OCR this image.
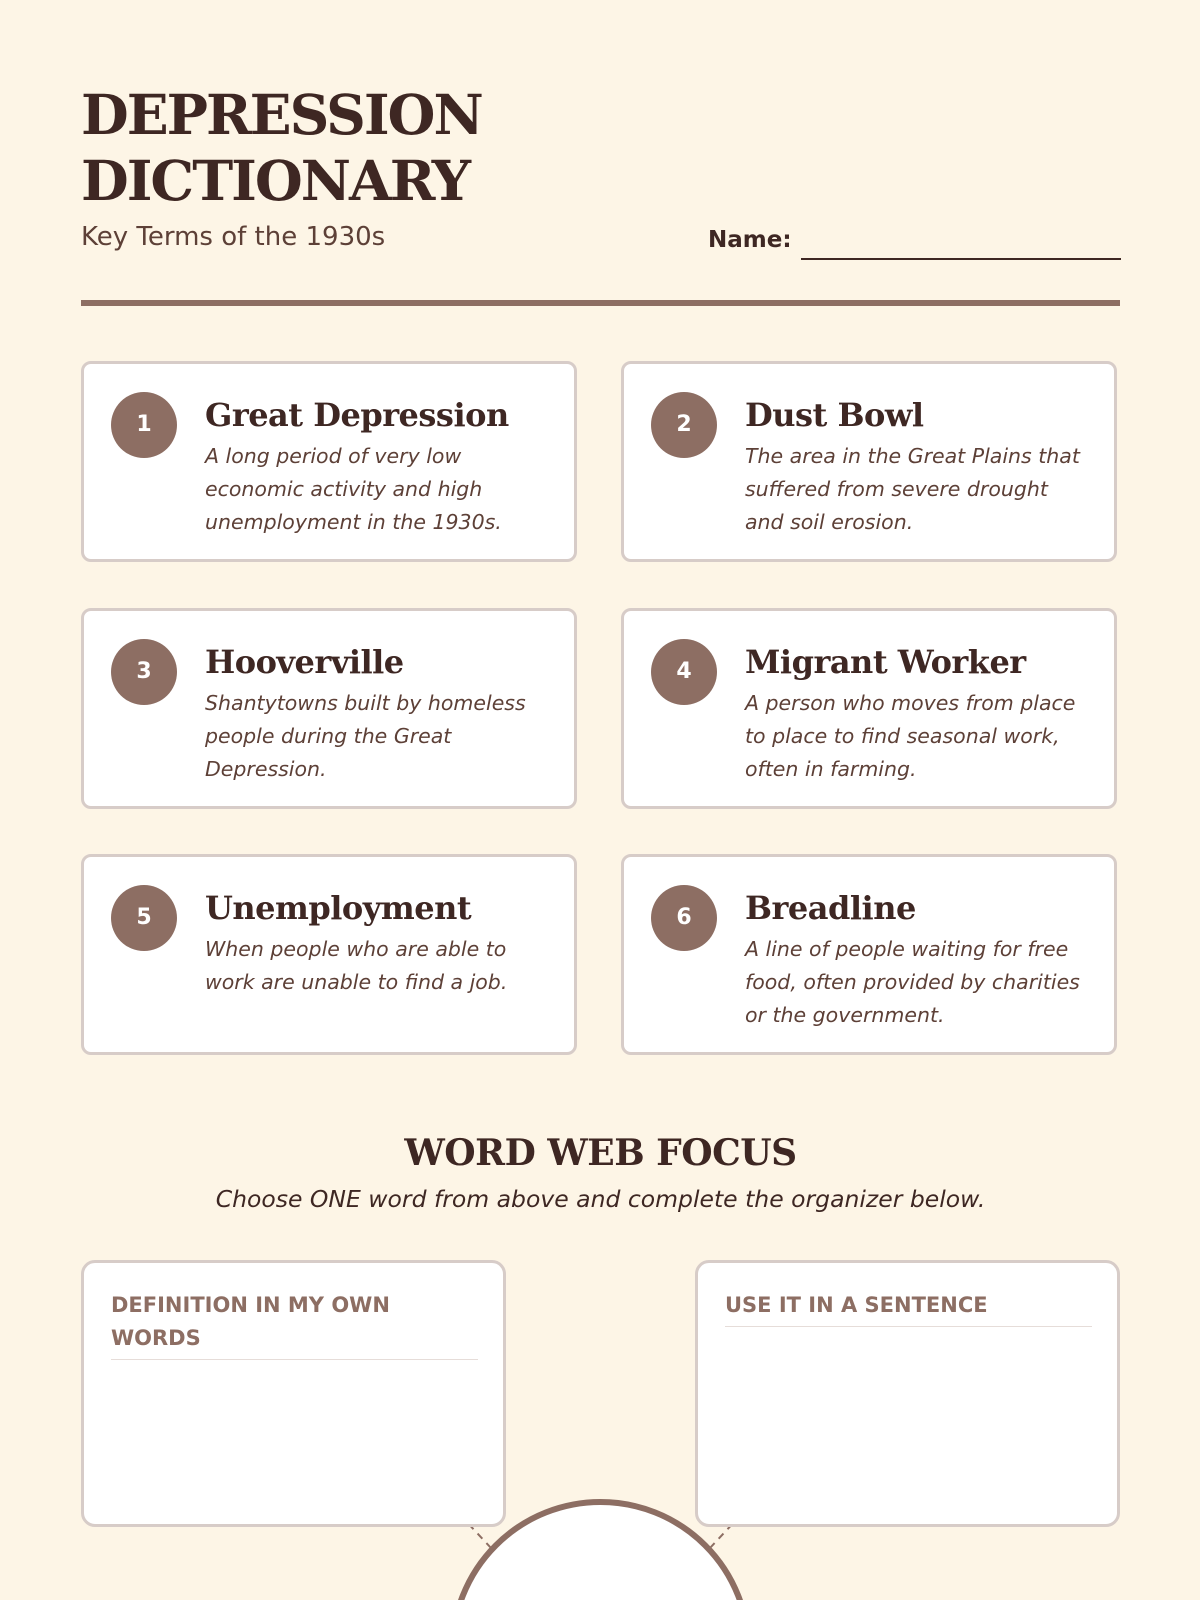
DEPRESSION
DICTIONARY
Key Terms of the 1930s	Name:
1	Great Depression
A long period of very low economic activity and high unemployment in the 1930s.
2	Dust Bowl
The area in the Great Plains that suffered from severe drought and soil erosion.
3	Hooverville
Shantytowns built by homeless people during the Great Depression.
4	Migrant Worker
A person who moves from place to place to find seasonal work, often in farming.
5	Unemployment
When people who are able to work are unable to find a job.
6	Breadline
A line of people waiting for free food, often provided by charities or the government.
WORD WEB FOCUS
Choose ONE word from above and complete the organizer below.
DEFINITION IN MY OWN WORDS
USE IT IN A SENTENCE
